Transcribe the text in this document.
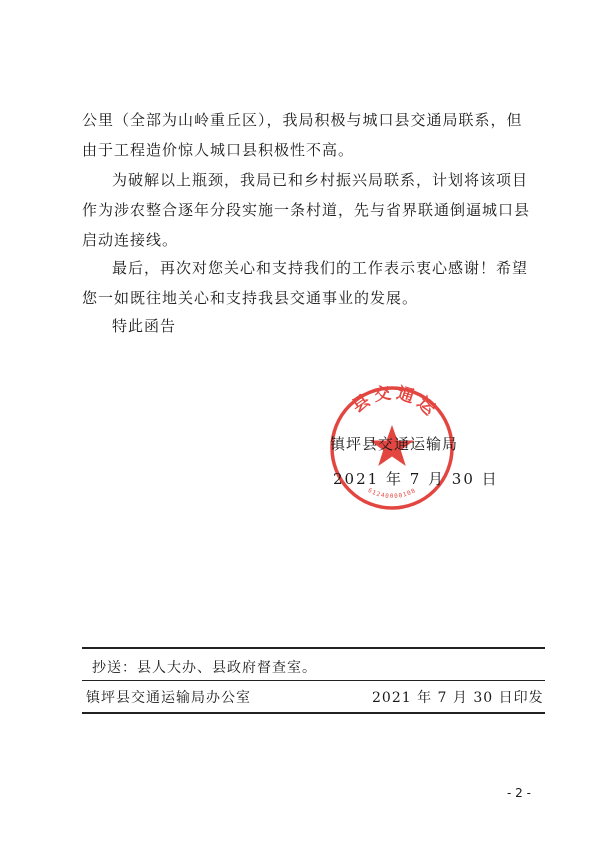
公里（全部为山岭重丘区），我局积极与城口县交通局联系，但
由于工程造价惊人城口县积极性不高。
为破解以上瓶颈，我局已和乡村振兴局联系，计划将该项目
作为涉农整合逐年分段实施一条村道，先与省界联通倒逼城口县
启动连接线。
最后，再次对您关心和支持我们的工作表示衷心感谢！希望
您一如既往地关心和支持我县交通事业的发展。
特此函告
县交通运
61240000108
镇坪县交通运输局
2021 年 7 月 30 日
抄送：县人大办、县政府督查室。
镇坪县交通运输局办公室	2021 年 7 月 30 日印发
- 2 -
